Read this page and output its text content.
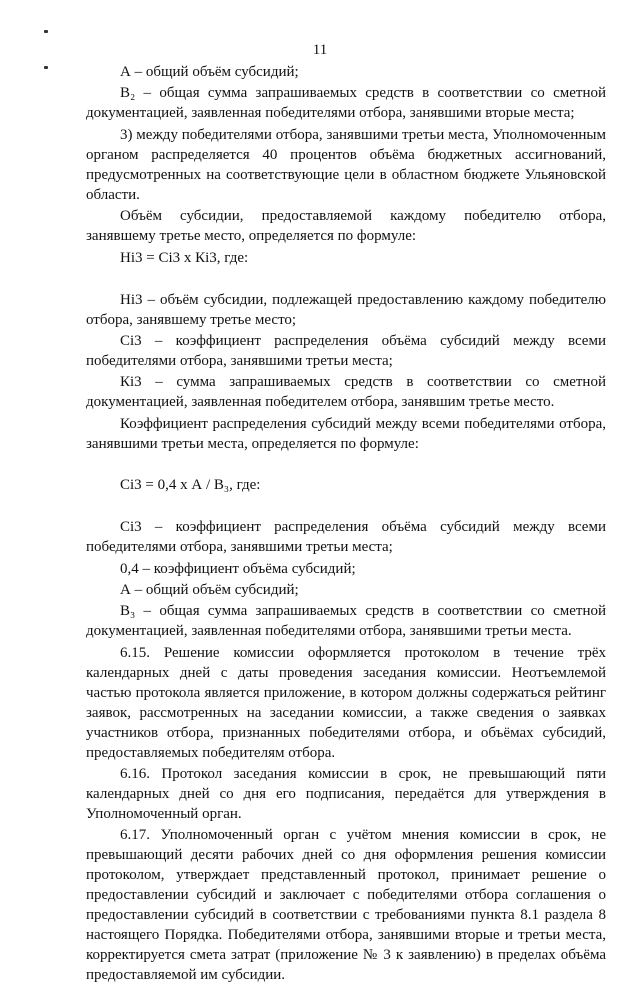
11
А – общий объём субсидий;
В₂ – общая сумма запрашиваемых средств в соответствии со сметной документацией, заявленная победителями отбора, занявшими вторые места;
3) между победителями отбора, занявшими третьи места, Уполномоченным органом распределяется 40 процентов объёма бюджетных ассигнований, предусмотренных на соответствующие цели в областном бюджете Ульяновской области.
Объём субсидии, предоставляемой каждому победителю отбора, занявшему третье место, определяется по формуле:
Нi3 = Сi3 х Кi3, где:
Нi3 – объём субсидии, подлежащей предоставлению каждому победителю отбора, занявшему третье место;
Сi3 – коэффициент распределения объёма субсидий между всеми победителями отбора, занявшими третьи места;
Кi3 – сумма запрашиваемых средств в соответствии со сметной документацией, заявленная победителем отбора, занявшим третье место.
Коэффициент распределения субсидий между всеми победителями отбора, занявшими третьи места, определяется по формуле:
Сi3 = 0,4 х А / В₃, где:
Сi3 – коэффициент распределения объёма субсидий между всеми победителями отбора, занявшими третьи места;
0,4 – коэффициент объёма субсидий;
А – общий объём субсидий;
В₃ – общая сумма запрашиваемых средств в соответствии со сметной документацией, заявленная победителями отбора, занявшими третьи места.
6.15. Решение комиссии оформляется протоколом в течение трёх календарных дней с даты проведения заседания комиссии. Неотъемлемой частью протокола является приложение, в котором должны содержаться рейтинг заявок, рассмотренных на заседании комиссии, а также сведения о заявках участников отбора, признанных победителями отбора, и объёмах субсидий, предоставляемых победителям отбора.
6.16. Протокол заседания комиссии в срок, не превышающий пяти календарных дней со дня его подписания, передаётся для утверждения в Уполномоченный орган.
6.17. Уполномоченный орган с учётом мнения комиссии в срок, не превышающий десяти рабочих дней со дня оформления решения комиссии протоколом, утверждает представленный протокол, принимает решение о предоставлении субсидий и заключает с победителями отбора соглашения о предоставлении субсидий в соответствии с требованиями пункта 8.1 раздела 8 настоящего Порядка. Победителями отбора, занявшими вторые и третьи места, корректируется смета затрат (приложение № 3 к заявлению) в пределах объёма предоставляемой им субсидии.
